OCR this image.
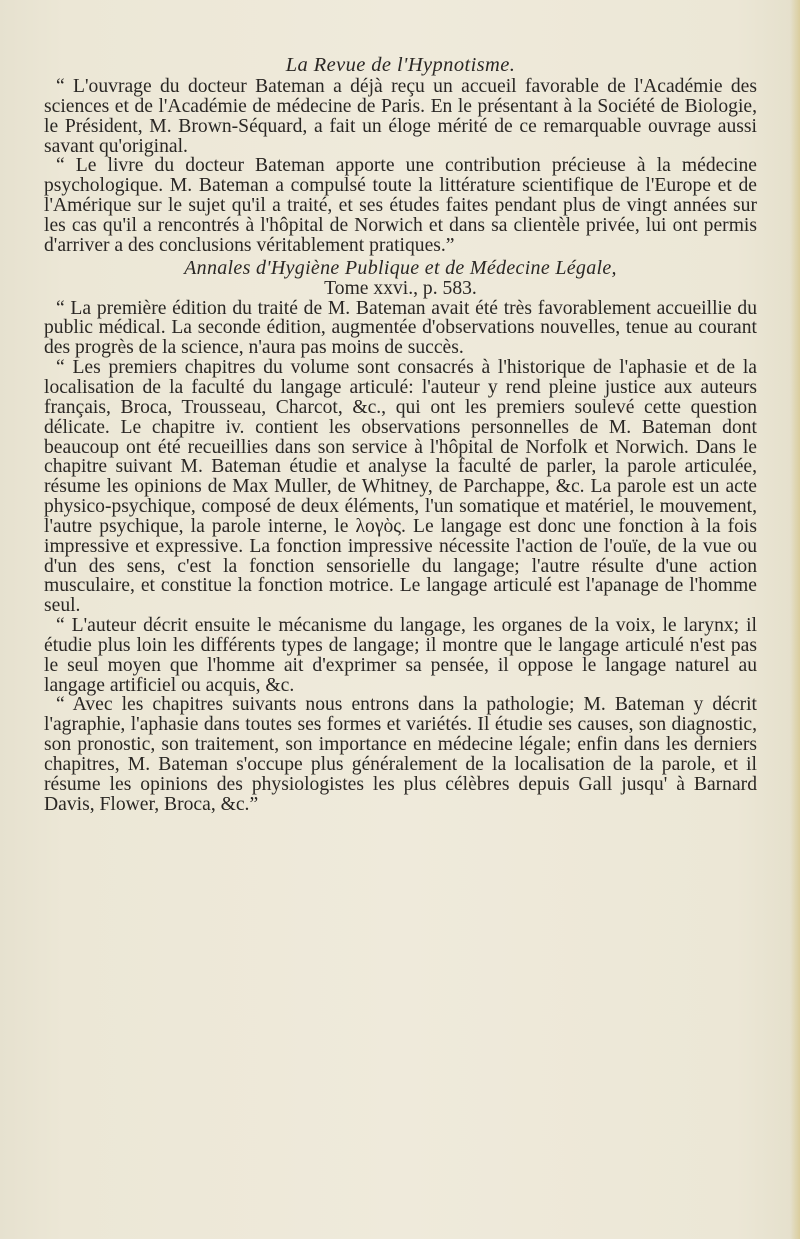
La Revue de l'Hypnotisme.

“ L'ouvrage du docteur Bateman a déjà reçu un accueil favorable de l'Académie des sciences et de l'Académie de médecine de Paris. En le présentant à la Société de Biologie, le Président, M. Brown-Séquard, a fait un éloge mérité de ce remarquable ouvrage aussi savant qu'original.

“ Le livre du docteur Bateman apporte une contribution précieuse à la médecine psychologique. M. Bateman a compulsé toute la littérature scientifique de l'Europe et de l'Amérique sur le sujet qu'il a traité, et ses études faites pendant plus de vingt années sur les cas qu'il a rencontrés à l'hôpital de Norwich et dans sa clientèle privée, lui ont permis d'arriver a des conclusions véritablement pratiques.”

Annales d'Hygiène Publique et de Médecine Légale,
Tome xxvi., p. 583.

“ La première édition du traité de M. Bateman avait été très favorablement accueillie du public médical. La seconde édition, augmentée d'observations nouvelles, tenue au courant des progrès de la science, n'aura pas moins de succès.

“ Les premiers chapitres du volume sont consacrés à l'historique de l'aphasie et de la localisation de la faculté du langage articulé: l'auteur y rend pleine justice aux auteurs français, Broca, Trousseau, Charcot, &c., qui ont les premiers soulevé cette question délicate. Le chapitre iv. contient les observations personnelles de M. Bateman dont beaucoup ont été recueillies dans son service à l'hôpital de Norfolk et Norwich. Dans le chapitre suivant M. Bateman étudie et analyse la faculté de parler, la parole articulée, résume les opinions de Max Muller, de Whitney, de Parchappe, &c. La parole est un acte physico-psychique, composé de deux éléments, l'un somatique et matériel, le mouvement, l'autre psychique, la parole interne, le λογὸς. Le langage est donc une fonction à la fois impressive et expressive. La fonction impressive nécessite l'action de l'ouïe, de la vue ou d'un des sens, c'est la fonction sensorielle du langage; l'autre résulte d'une action musculaire, et constitue la fonction motrice. Le langage articulé est l'apanage de l'homme seul.

“ L'auteur décrit ensuite le mécanisme du langage, les organes de la voix, le larynx; il étudie plus loin les différents types de langage; il montre que le langage articulé n'est pas le seul moyen que l'homme ait d'exprimer sa pensée, il oppose le langage naturel au langage artificiel ou acquis, &c.

“ Avec les chapitres suivants nous entrons dans la pathologie; M. Bateman y décrit l'agraphie, l'aphasie dans toutes ses formes et variétés. Il étudie ses causes, son diagnostic, son pronostic, son traitement, son importance en médecine légale; enfin dans les derniers chapitres, M. Bateman s'occupe plus généralement de la localisation de la parole, et il résume les opinions des physiologistes les plus célèbres depuis Gall jusqu' à Barnard Davis, Flower, Broca, &c.”
